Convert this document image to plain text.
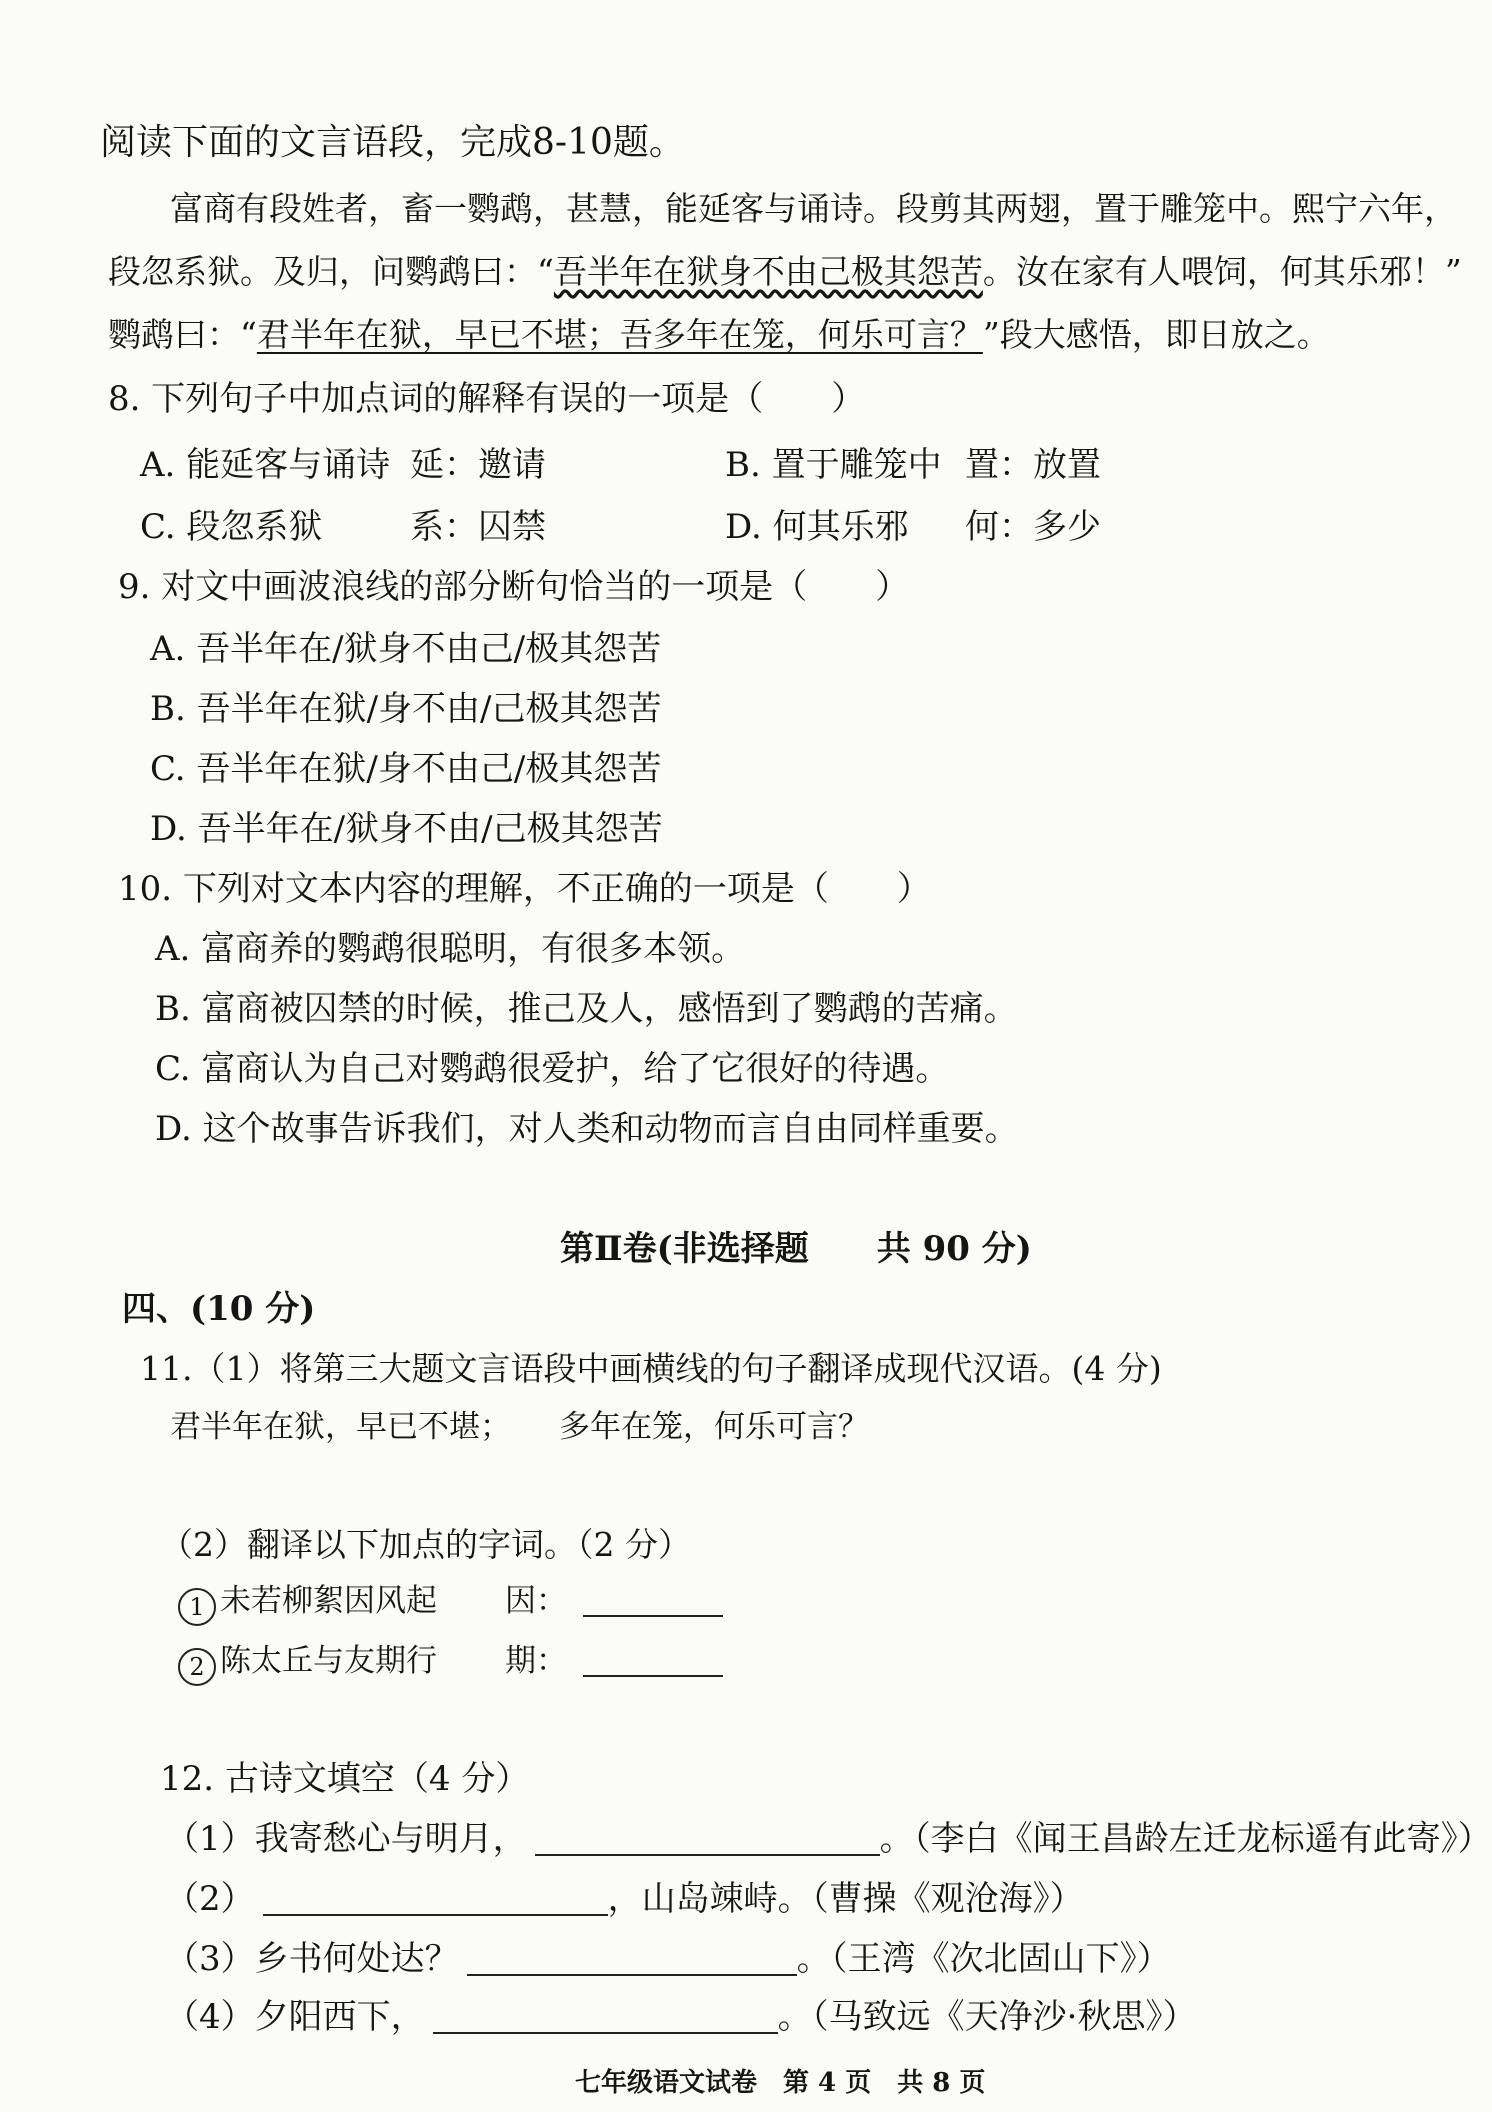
阅读下面的文言语段，完成8-10题。
富商有段姓者，畜一鹦鹉，甚慧，能延客与诵诗。段剪其两翅，置于雕笼中。熙宁六年，
段忽系狱。及归，问鹦鹉曰：“吾半年在狱身不由己极其怨苦。汝在家有人喂饲，何其乐邪！”
鹦鹉曰：“君半年在狱，早已不堪；吾多年在笼，何乐可言？”段大感悟，即日放之。
8. 下列句子中加点词的解释有误的一项是（　　）
A. 能延客与诵诗 延：邀请	B. 置于雕笼中 置：放置
C. 段忽系狱	系：囚禁	D. 何其乐邪 何：多少
9. 对文中画波浪线的部分断句恰当的一项是（　　）
A. 吾半年在/狱身不由己/极其怨苦
B. 吾半年在狱/身不由/己极其怨苦
C. 吾半年在狱/身不由己/极其怨苦
D. 吾半年在/狱身不由/己极其怨苦
10. 下列对文本内容的理解，不正确的一项是（　　）
A. 富商养的鹦鹉很聪明，有很多本领。
B. 富商被囚禁的时候，推己及人，感悟到了鹦鹉的苦痛。
C. 富商认为自己对鹦鹉很爱护，给了它很好的待遇。
D. 这个故事告诉我们，对人类和动物而言自由同样重要。
第Ⅱ卷(非选择题　　共 90 分)
四、(10 分)
11.（1）将第三大题文言语段中画横线的句子翻译成现代汉语。(4 分)
君半年在狱，早已不堪； 多年在笼，何乐可言？
（2）翻译以下加点的字词。（2 分）
1 未若柳絮因风起 因：
2 陈太丘与友期行 期：
12. 古诗文填空（4 分）
（1）我寄愁心与明月，	。（李白《闻王昌龄左迁龙标遥有此寄》）
（2）	，山岛竦峙。（曹操《观沧海》）
（3）乡书何处达？	。（王湾《次北固山下》）
（4）夕阳西下，	。（马致远《天净沙·秋思》）
七年级语文试卷　第 4 页　共 8 页
